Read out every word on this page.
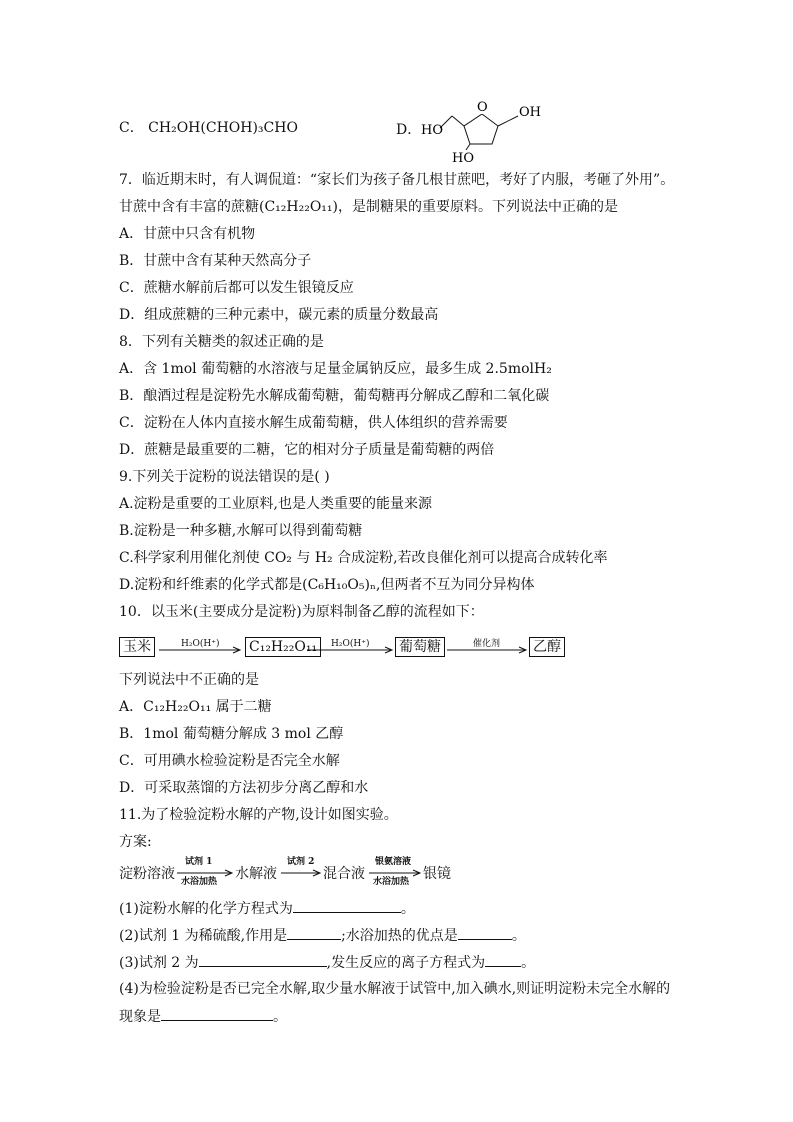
C． CH₂OH(CHOH)₃CHO	D．
O OH
HO
HO
7．临近期末时，有人调侃道：“家长们为孩子备几根甘蔗吧，考好了内服，考砸了外用”。
甘蔗中含有丰富的蔗糖(C₁₂H₂₂O₁₁)，是制糖果的重要原料。下列说法中正确的是
A．甘蔗中只含有机物
B．甘蔗中含有某种天然高分子
C．蔗糖水解前后都可以发生银镜反应
D．组成蔗糖的三种元素中，碳元素的质量分数最高
8．下列有关糖类的叙述正确的是
A．含 1mol 葡萄糖的水溶液与足量金属钠反应，最多生成 2.5molH₂
B．酿酒过程是淀粉先水解成葡萄糖，葡萄糖再分解成乙醇和二氧化碳
C．淀粉在人体内直接水解生成葡萄糖，供人体组织的营养需要
D．蔗糖是最重要的二糖，它的相对分子质量是葡萄糖的两倍
9.下列关于淀粉的说法错误的是( )
A.淀粉是重要的工业原料,也是人类重要的能量来源
B.淀粉是一种多糖,水解可以得到葡萄糖
C.科学家利用催化剂使 CO₂ 与 H₂ 合成淀粉,若改良催化剂可以提高合成转化率
D.淀粉和纤维素的化学式都是(C₆H₁₀O₅)ₙ,但两者不互为同分异构体
10．以玉米(主要成分是淀粉)为原料制备乙醇的流程如下：
玉米	H₂O(H⁺) C₁₂H₂₂O₁₁	H₂O(H⁺) 葡萄糖	催化剂 乙醇
下列说法中不正确的是
A．C₁₂H₂₂O₁₁ 属于二糖
B．1mol 葡萄糖分解成 3 mol 乙醇
C．可用碘水检验淀粉是否完全水解
D．可采取蒸馏的方法初步分离乙醇和水
11.为了检验淀粉水解的产物,设计如图实验。
方案:
淀粉溶液
试剂 1
水浴加热 水解液
试剂 2
混合液
银氨溶液
水浴加热 银镜
(1)淀粉水解的化学方程式为	。
(2)试剂 1 为稀硫酸,作用是	;水浴加热的优点是	。
(3)试剂 2 为	,发生反应的离子方程式为	。
(4)为检验淀粉是否已完全水解,取少量水解液于试管中,加入碘水,则证明淀粉未完全水解的
现象是	。
